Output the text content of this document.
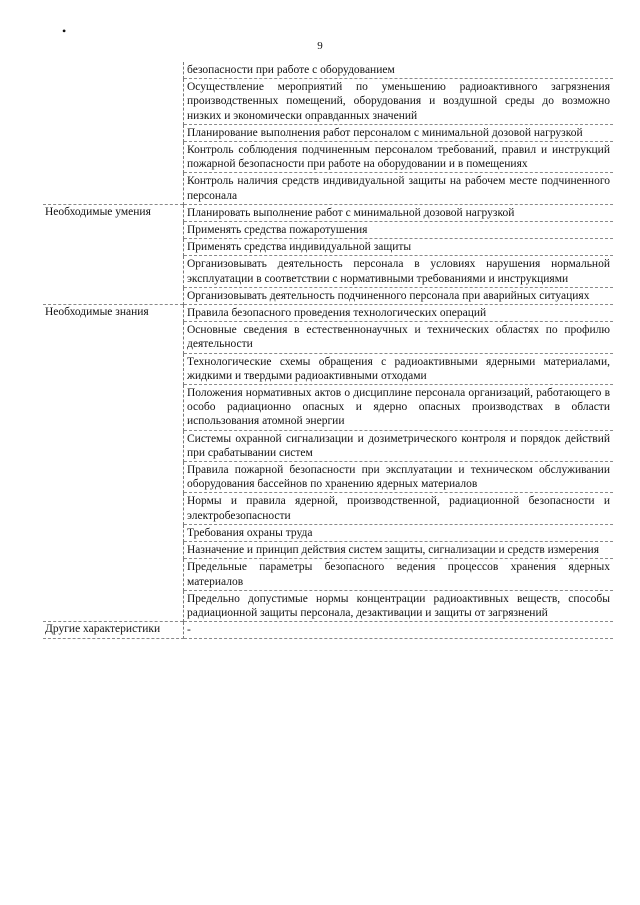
•
9
	безопасности при работе с оборудованием
	Осуществление мероприятий по уменьшению радиоактивного загрязнения производственных помещений, оборудования и воздушной среды до возможно низких и экономически оправданных значений
	Планирование выполнения работ персоналом с минимальной дозовой нагрузкой
	Контроль соблюдения подчиненным персоналом требований, правил и инструкций пожарной безопасности при работе на оборудовании и в помещениях
	Контроль наличия средств индивидуальной защиты на рабочем месте подчиненного персонала
Необходимые умения	Планировать выполнение работ с минимальной дозовой нагрузкой
	Применять средства пожаротушения
	Применять средства индивидуальной защиты
	Организовывать деятельность персонала в условиях нарушения нормальной эксплуатации в соответствии с нормативными требованиями и инструкциями
	Организовывать деятельность подчиненного персонала при аварийных ситуациях
Необходимые знания	Правила безопасного проведения технологических операций
	Основные сведения в естественнонаучных и технических областях по профилю деятельности
	Технологические схемы обращения с радиоактивными ядерными материалами, жидкими и твердыми радиоактивными отходами
	Положения нормативных актов о дисциплине персонала организаций, работающего в особо радиационно опасных и ядерно опасных производствах в области использования атомной энергии
	Системы охранной сигнализации и дозиметрического контроля и порядок действий при срабатывании систем
	Правила пожарной безопасности при эксплуатации и техническом обслуживании оборудования бассейнов по хранению ядерных материалов
	Нормы и правила ядерной, производственной, радиационной безопасности и электробезопасности
	Требования охраны труда
	Назначение и принцип действия систем защиты, сигнализации и средств измерения
	Предельные параметры безопасного ведения процессов хранения ядерных материалов
	Предельно допустимые нормы концентрации радиоактивных веществ, способы радиационной защиты персонала, дезактивации и защиты от загрязнений
Другие характеристики	-
